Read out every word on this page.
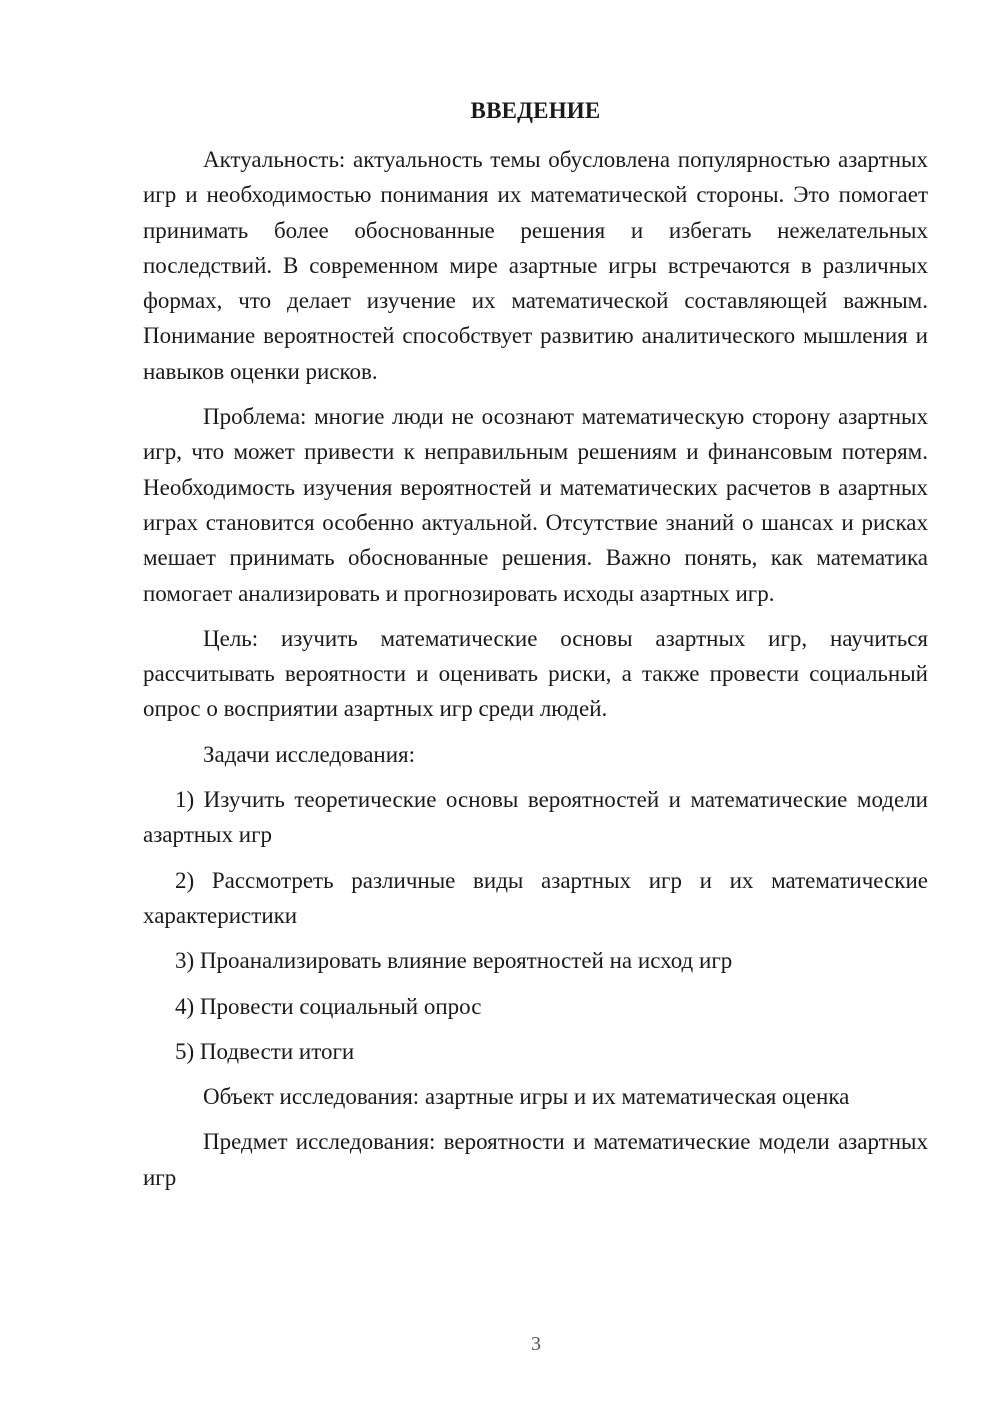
ВВЕДЕНИЕ

Актуальность: актуальность темы обусловлена популярностью азартных игр и необходимостью понимания их математической стороны. Это помогает принимать более обоснованные решения и избегать нежелательных последствий. В современном мире азартные игры встречаются в различных формах, что делает изучение их математической составляющей важным. Понимание вероятностей способствует развитию аналитического мышления и навыков оценки рисков.

Проблема: многие люди не осознают математическую сторону азартных игр, что может привести к неправильным решениям и финансовым потерям. Необходимость изучения вероятностей и математических расчетов в азартных играх становится особенно актуальной. Отсутствие знаний о шансах и рисках мешает принимать обоснованные решения. Важно понять, как математика помогает анализировать и прогнозировать исходы азартных игр.

Цель: изучить математические основы азартных игр, научиться рассчитывать вероятности и оценивать риски, а также провести социальный опрос о восприятии азартных игр среди людей.

Задачи исследования:

1) Изучить теоретические основы вероятностей и математические модели азартных игр

2) Рассмотреть различные виды азартных игр и их математические характеристики

3) Проанализировать влияние вероятностей на исход игр

4) Провести социальный опрос

5) Подвести итоги

Объект исследования: азартные игры и их математическая оценка

Предмет исследования: вероятности и математические модели азартных игр

3
